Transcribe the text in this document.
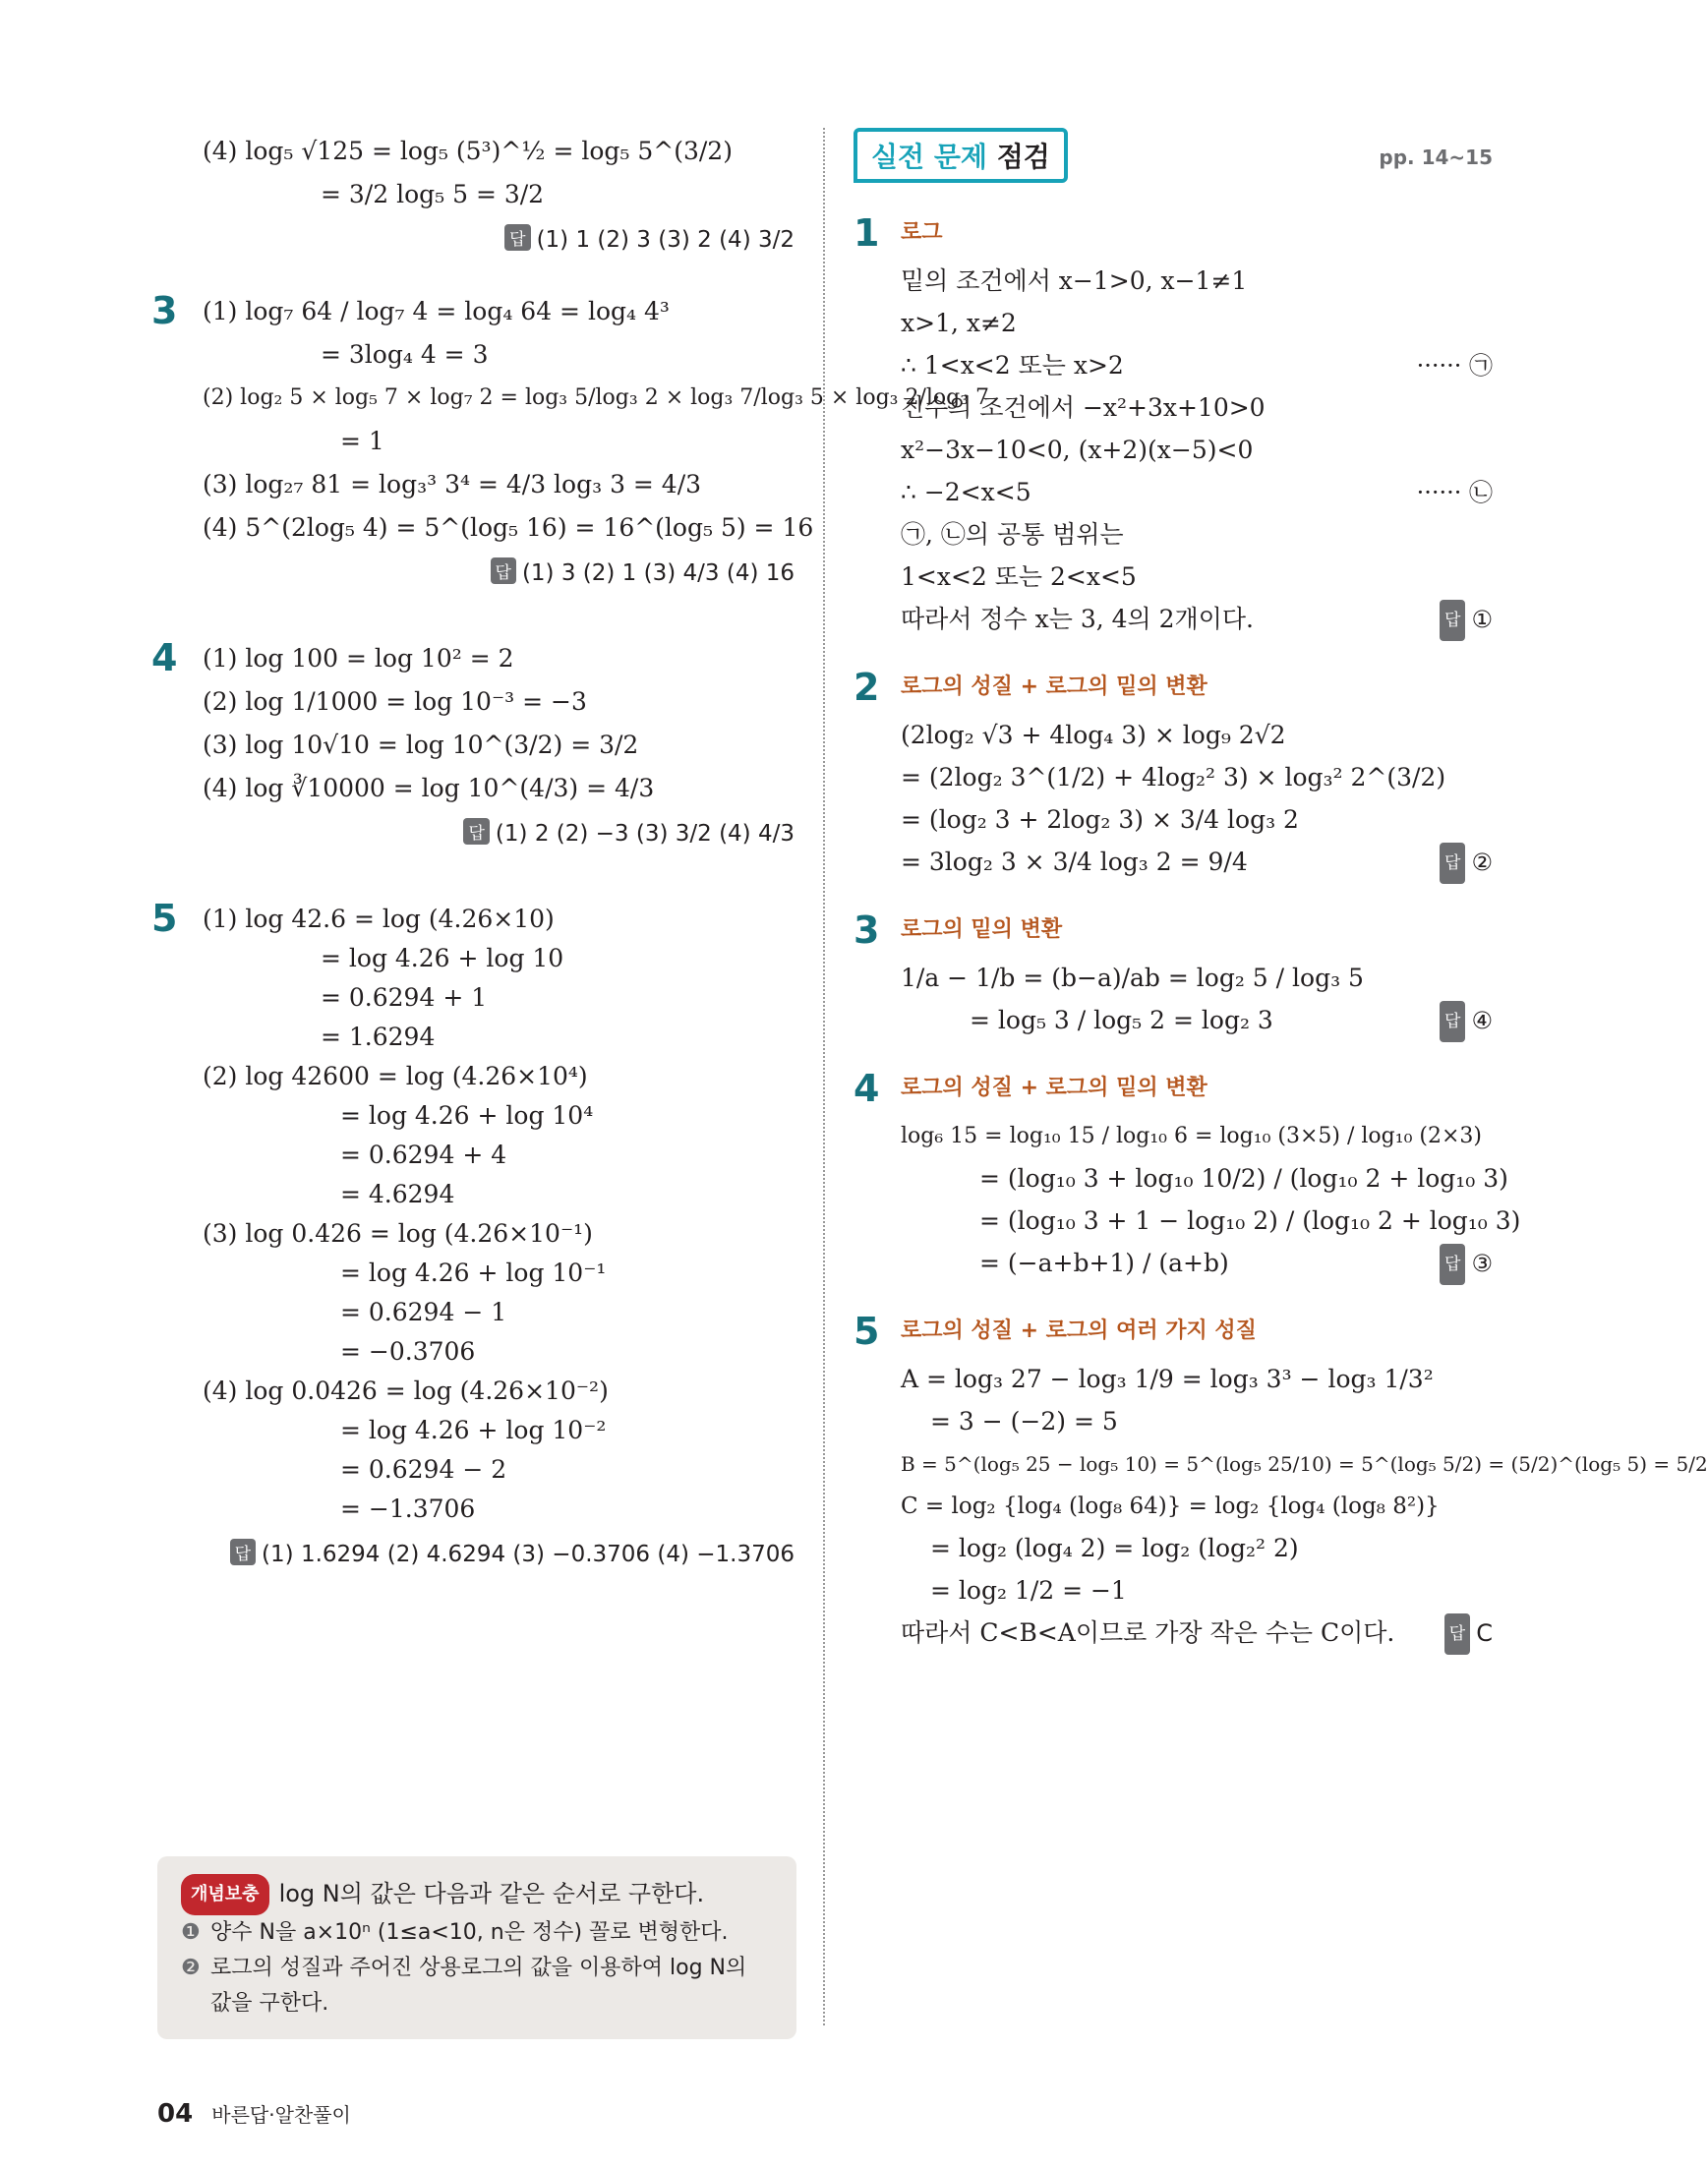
(4) log₅ √125 = log₅ (5³)^½ = log₅ 5^(3/2)
= 3/2 log₅ 5 = 3/2
답 (1) 1 (2) 3 (3) 2 (4) 3/2
3 (1) log₇ 64 / log₇ 4 = log₄ 64 = log₄ 4³
= 3log₄ 4 = 3
(2) log₂ 5 × log₅ 7 × log₇ 2 = log₃ 5/log₃ 2 × log₃ 7/log₃ 5 × log₃ 2/log₃ 7
= 1
(3) log₂₇ 81 = log₃³ 3⁴ = 4/3 log₃ 3 = 4/3
(4) 5^(2log₅ 4) = 5^(log₅ 16) = 16^(log₅ 5) = 16
답 (1) 3 (2) 1 (3) 4/3 (4) 16
4 (1) log 100 = log 10² = 2
(2) log 1/1000 = log 10⁻³ = −3
(3) log 10√10 = log 10^(3/2) = 3/2
(4) log ∛10000 = log 10^(4/3) = 4/3
답 (1) 2 (2) −3 (3) 3/2 (4) 4/3
5 (1) log 42.6 = log (4.26×10)
= log 4.26 + log 10
= 0.6294 + 1
= 1.6294
(2) log 42600 = log (4.26×10⁴)
= log 4.26 + log 10⁴
= 0.6294 + 4
= 4.6294
(3) log 0.426 = log (4.26×10⁻¹)
= log 4.26 + log 10⁻¹
= 0.6294 − 1
= −0.3706
(4) log 0.0426 = log (4.26×10⁻²)
= log 4.26 + log 10⁻²
= 0.6294 − 2
= −1.3706
답 (1) 1.6294 (2) 4.6294 (3) −0.3706 (4) −1.3706
개념보충 log N의 값은 다음과 같은 순서로 구한다.
❶ 양수 N을 a×10ⁿ (1≤a<10, n은 정수) 꼴로 변형한다.
❷ 로그의 성질과 주어진 상용로그의 값을 이용하여 log N의 값을 구한다.
실전 문제 점검	pp. 14~15
1 로그
밑의 조건에서 x−1>0, x−1≠1
x>1, x≠2
∴ 1<x<2 또는 x>2	······ ㉠
진수의 조건에서 −x²+3x+10>0
x²−3x−10<0, (x+2)(x−5)<0
∴ −2<x<5	······ ㉡
㉠, ㉡의 공통 범위는
1<x<2 또는 2<x<5
따라서 정수 x는 3, 4의 2개이다.	답 ①
2 로그의 성질 + 로그의 밑의 변환
(2log₂ √3 + 4log₄ 3) × log₉ 2√2
= (2log₂ 3^(1/2) + 4log₂² 3) × log₃² 2^(3/2)
= (log₂ 3 + 2log₂ 3) × 3/4 log₃ 2
= 3log₂ 3 × 3/4 log₃ 2 = 9/4	답 ②
3 로그의 밑의 변환
1/a − 1/b = (b−a)/ab = log₂ 5 / log₃ 5
= log₅ 3 / log₅ 2 = log₂ 3	답 ④
4 로그의 성질 + 로그의 밑의 변환
log₆ 15 = log₁₀ 15 / log₁₀ 6 = log₁₀ (3×5) / log₁₀ (2×3)
= (log₁₀ 3 + log₁₀ 10/2) / (log₁₀ 2 + log₁₀ 3)
= (log₁₀ 3 + 1 − log₁₀ 2) / (log₁₀ 2 + log₁₀ 3)
= (−a+b+1) / (a+b)	답 ③
5 로그의 성질 + 로그의 여러 가지 성질
A = log₃ 27 − log₃ 1/9 = log₃ 3³ − log₃ 1/3²
= 3 − (−2) = 5
B = 5^(log₅ 25 − log₅ 10) = 5^(log₅ 25/10) = 5^(log₅ 5/2) = (5/2)^(log₅ 5) = 5/2
C = log₂ {log₄ (log₈ 64)} = log₂ {log₄ (log₈ 8²)}
= log₂ (log₄ 2) = log₂ (log₂² 2)
= log₂ 1/2 = −1
따라서 C<B<A이므로 가장 작은 수는 C이다.	답 C
04 바른답·알찬풀이
